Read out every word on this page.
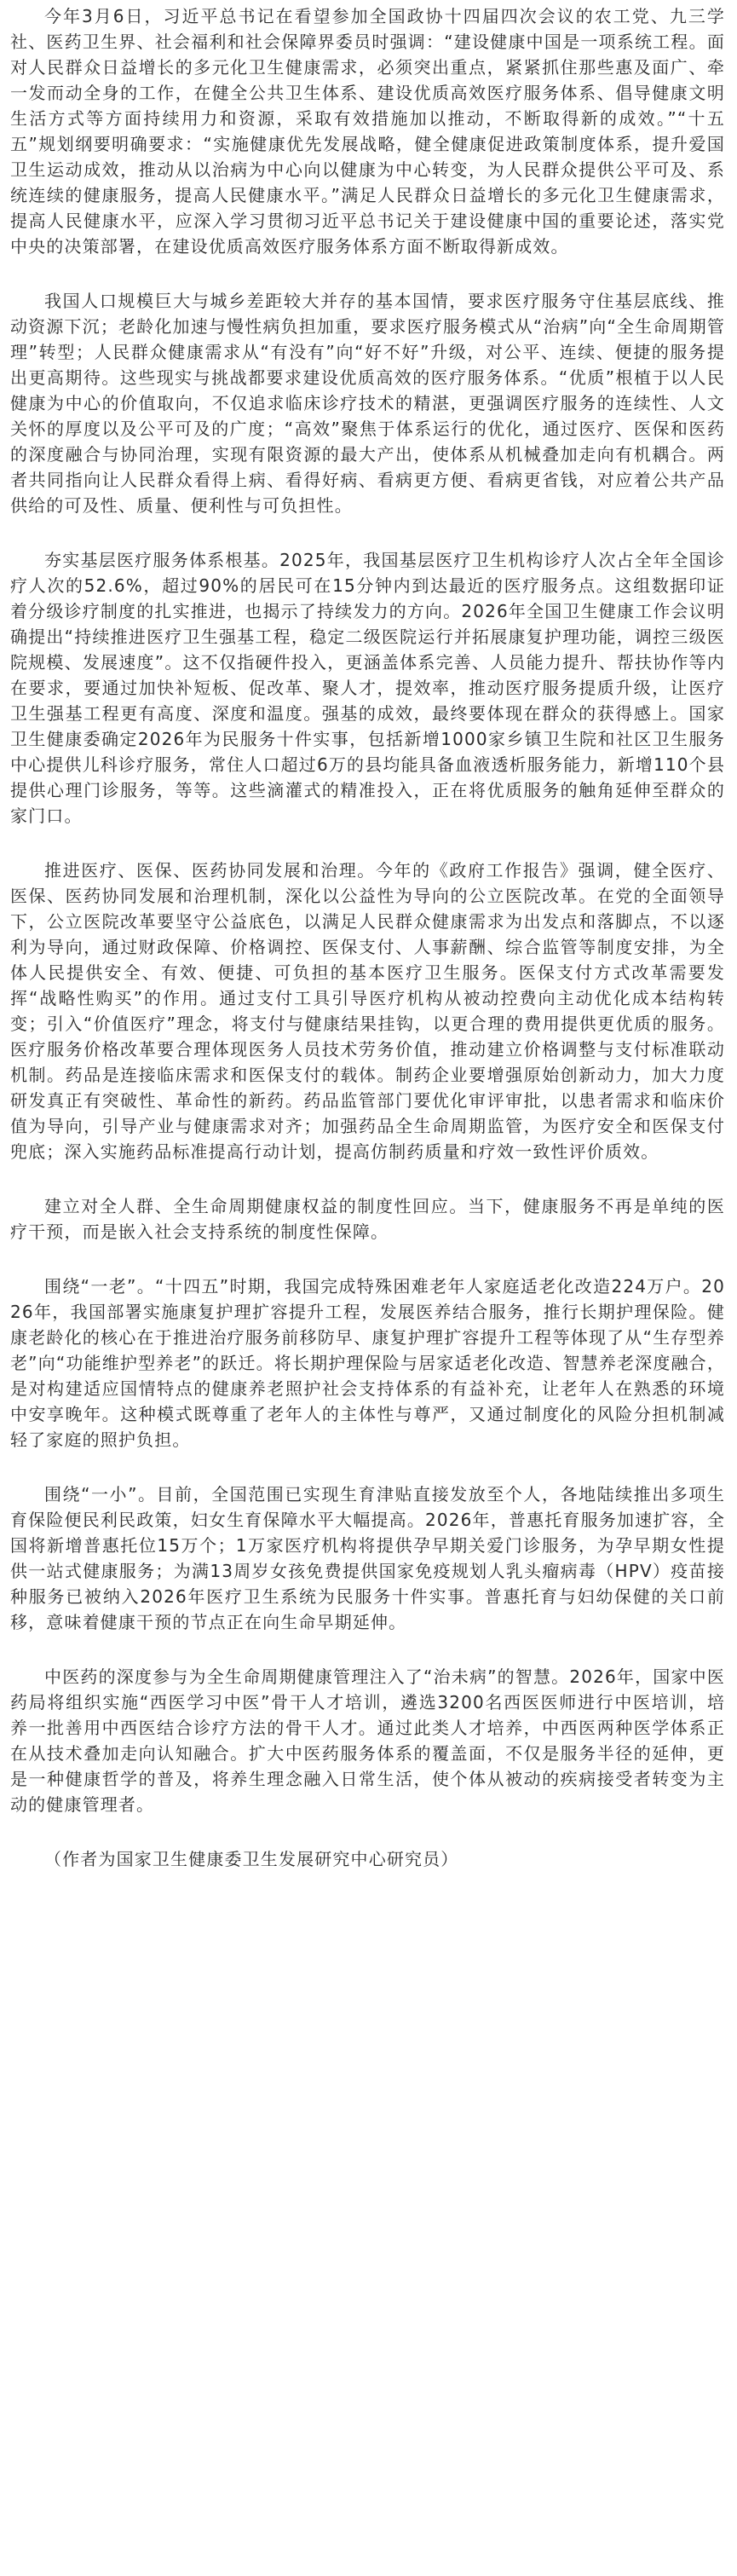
今年3月6日，习近平总书记在看望参加全国政协十四届四次会议的农工党、九三学社、医药卫生界、社会福利和社会保障界委员时强调：“建设健康中国是一项系统工程。面对人民群众日益增长的多元化卫生健康需求，必须突出重点，紧紧抓住那些惠及面广、牵一发而动全身的工作，在健全公共卫生体系、建设优质高效医疗服务体系、倡导健康文明生活方式等方面持续用力和资源，采取有效措施加以推动，不断取得新的成效。”“十五五”规划纲要明确要求：“实施健康优先发展战略，健全健康促进政策制度体系，提升爱国卫生运动成效，推动从以治病为中心向以健康为中心转变，为人民群众提供公平可及、系统连续的健康服务，提高人民健康水平。”满足人民群众日益增长的多元化卫生健康需求，提高人民健康水平，应深入学习贯彻习近平总书记关于建设健康中国的重要论述，落实党中央的决策部署，在建设优质高效医疗服务体系方面不断取得新成效。

我国人口规模巨大与城乡差距较大并存的基本国情，要求医疗服务守住基层底线、推动资源下沉；老龄化加速与慢性病负担加重，要求医疗服务模式从“治病”向“全生命周期管理”转型；人民群众健康需求从“有没有”向“好不好”升级，对公平、连续、便捷的服务提出更高期待。这些现实与挑战都要求建设优质高效的医疗服务体系。“优质”根植于以人民健康为中心的价值取向，不仅追求临床诊疗技术的精湛，更强调医疗服务的连续性、人文关怀的厚度以及公平可及的广度；“高效”聚焦于体系运行的优化，通过医疗、医保和医药的深度融合与协同治理，实现有限资源的最大产出，使体系从机械叠加走向有机耦合。两者共同指向让人民群众看得上病、看得好病、看病更方便、看病更省钱，对应着公共产品供给的可及性、质量、便利性与可负担性。

夯实基层医疗服务体系根基。2025年，我国基层医疗卫生机构诊疗人次占全年全国诊疗人次的52.6%，超过90%的居民可在15分钟内到达最近的医疗服务点。这组数据印证着分级诊疗制度的扎实推进，也揭示了持续发力的方向。2026年全国卫生健康工作会议明确提出“持续推进医疗卫生强基工程，稳定二级医院运行并拓展康复护理功能，调控三级医院规模、发展速度”。这不仅指硬件投入，更涵盖体系完善、人员能力提升、帮扶协作等内在要求，要通过加快补短板、促改革、聚人才，提效率，推动医疗服务提质升级，让医疗卫生强基工程更有高度、深度和温度。强基的成效，最终要体现在群众的获得感上。国家卫生健康委确定2026年为民服务十件实事，包括新增1000家乡镇卫生院和社区卫生服务中心提供儿科诊疗服务，常住人口超过6万的县均能具备血液透析服务能力，新增110个县提供心理门诊服务，等等。这些滴灌式的精准投入，正在将优质服务的触角延伸至群众的家门口。

推进医疗、医保、医药协同发展和治理。今年的《政府工作报告》强调，健全医疗、医保、医药协同发展和治理机制，深化以公益性为导向的公立医院改革。在党的全面领导下，公立医院改革要坚守公益底色，以满足人民群众健康需求为出发点和落脚点，不以逐利为导向，通过财政保障、价格调控、医保支付、人事薪酬、综合监管等制度安排，为全体人民提供安全、有效、便捷、可负担的基本医疗卫生服务。医保支付方式改革需要发挥“战略性购买”的作用。通过支付工具引导医疗机构从被动控费向主动优化成本结构转变；引入“价值医疗”理念，将支付与健康结果挂钩，以更合理的费用提供更优质的服务。医疗服务价格改革要合理体现医务人员技术劳务价值，推动建立价格调整与支付标准联动机制。药品是连接临床需求和医保支付的载体。制药企业要增强原始创新动力，加大力度研发真正有突破性、革命性的新药。药品监管部门要优化审评审批，以患者需求和临床价值为导向，引导产业与健康需求对齐；加强药品全生命周期监管，为医疗安全和医保支付兜底；深入实施药品标准提高行动计划，提高仿制药质量和疗效一致性评价质效。

建立对全人群、全生命周期健康权益的制度性回应。当下，健康服务不再是单纯的医疗干预，而是嵌入社会支持系统的制度性保障。

围绕“一老”。“十四五”时期，我国完成特殊困难老年人家庭适老化改造224万户。2026年，我国部署实施康复护理扩容提升工程，发展医养结合服务，推行长期护理保险。健康老龄化的核心在于推进治疗服务前移防早、康复护理扩容提升工程等体现了从“生存型养老”向“功能维护型养老”的跃迁。将长期护理保险与居家适老化改造、智慧养老深度融合，是对构建适应国情特点的健康养老照护社会支持体系的有益补充，让老年人在熟悉的环境中安享晚年。这种模式既尊重了老年人的主体性与尊严，又通过制度化的风险分担机制减轻了家庭的照护负担。

围绕“一小”。目前，全国范围已实现生育津贴直接发放至个人，各地陆续推出多项生育保险便民利民政策，妇女生育保障水平大幅提高。2026年，普惠托育服务加速扩容，全国将新增普惠托位15万个；1万家医疗机构将提供孕早期关爱门诊服务，为孕早期女性提供一站式健康服务；为满13周岁女孩免费提供国家免疫规划人乳头瘤病毒（HPV）疫苗接种服务已被纳入2026年医疗卫生系统为民服务十件实事。普惠托育与妇幼保健的关口前移，意味着健康干预的节点正在向生命早期延伸。

中医药的深度参与为全生命周期健康管理注入了“治未病”的智慧。2026年，国家中医药局将组织实施“西医学习中医”骨干人才培训，遴选3200名西医医师进行中医培训，培养一批善用中西医结合诊疗方法的骨干人才。通过此类人才培养，中西医两种医学体系正在从技术叠加走向认知融合。扩大中医药服务体系的覆盖面，不仅是服务半径的延伸，更是一种健康哲学的普及，将养生理念融入日常生活，使个体从被动的疾病接受者转变为主动的健康管理者。

（作者为国家卫生健康委卫生发展研究中心研究员）
